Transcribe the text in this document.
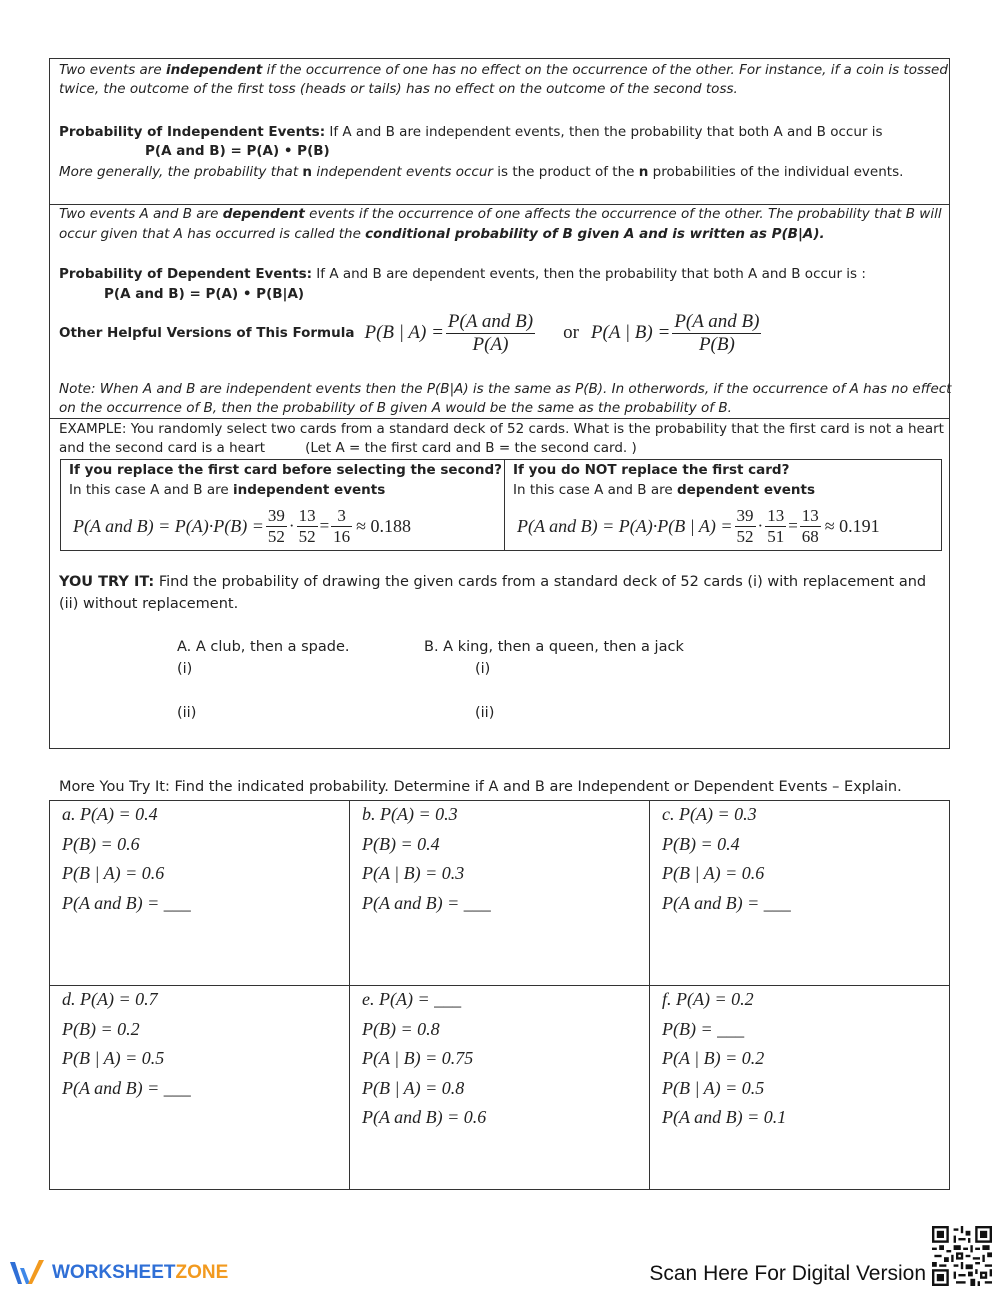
Two events are independent if the occurrence of one has no effect on the occurrence of the other. For instance, if a coin is tossed
twice, the outcome of the first toss (heads or tails) has no effect on the outcome of the second toss.
Probability of Independent Events: If A and B are independent events, then the probability that both A and B occur is
P(A and B) = P(A) • P(B)
More generally, the probability that n independent events occur is the product of the n probabilities of the individual events.
Two events A and B are dependent events if the occurrence of one affects the occurrence of the other. The probability that B will
occur given that A has occurred is called the conditional probability of B given A and is written as P(B|A).
Probability of Dependent Events: If A and B are dependent events, then the probability that both A and B occur is :
P(A and B) = P(A) • P(B|A)
Other Helpful Versions of This Formula P(B | $A) = \frac{\text{P(A and B)}}{P(A)}$ or P(A | $B) = \frac{\text{P(A and B)}}{P(B)}$
Note: When A and B are independent events then the P(B|A) is the same as P(B). In otherwords, if the occurrence of A has no effect
on the occurrence of B, then the probability of B given A would be the same as the probability of B.
EXAMPLE: You randomly select two cards from a standard deck of 52 cards. What is the probability that the first card is not a heart
and the second card is a heart	(Let A = the first card and B = the second card. )
If you replace the first card before selecting the second?
In this case A and B are independent events
P(A and $B) = P(A)\cdot P(B) = \frac{39}{52} \cdot \frac{13}{52} = \frac{3}{16} \approx 0.188$
If you do NOT replace the first card?
In this case A and B are dependent events
P(A and B) = P(A)·P(B | $A) = \frac{39}{52} \cdot \frac{13}{51} = \frac{13}{68} \approx 0.191$
YOU TRY IT: Find the probability of drawing the given cards from a standard deck of 52 cards (i) with replacement and
(ii) without replacement.
A. A club, then a spade.	B. A king, then a queen, then a jack
(i)	(i)
(ii)	(ii)
More You Try It: Find the indicated probability. Determine if A and B are Independent or Dependent Events – Explain.
a. P(A) = 0.4
P(B) = 0.6
P(B | A) = 0.6
P(A and B) = ___
b. P(A) = 0.3
P(B) = 0.4
P(A | B) = 0.3
P(A and B) = ___
c. P(A) = 0.3
P(B) = 0.4
P(B | A) = 0.6
P(A and B) = ___
d. P(A) = 0.7
P(B) = 0.2
P(B | A) = 0.5
P(A and B) = ___
e. P(A) = ___
P(B) = 0.8
P(A | B) = 0.75
P(B | A) = 0.8
P(A and B) = 0.6
f. P(A) = 0.2
P(B) = ___
P(A | B) = 0.2
P(B | A) = 0.5
P(A and B) = 0.1
WORKSHEET ZONE	Scan Here For Digital Version
